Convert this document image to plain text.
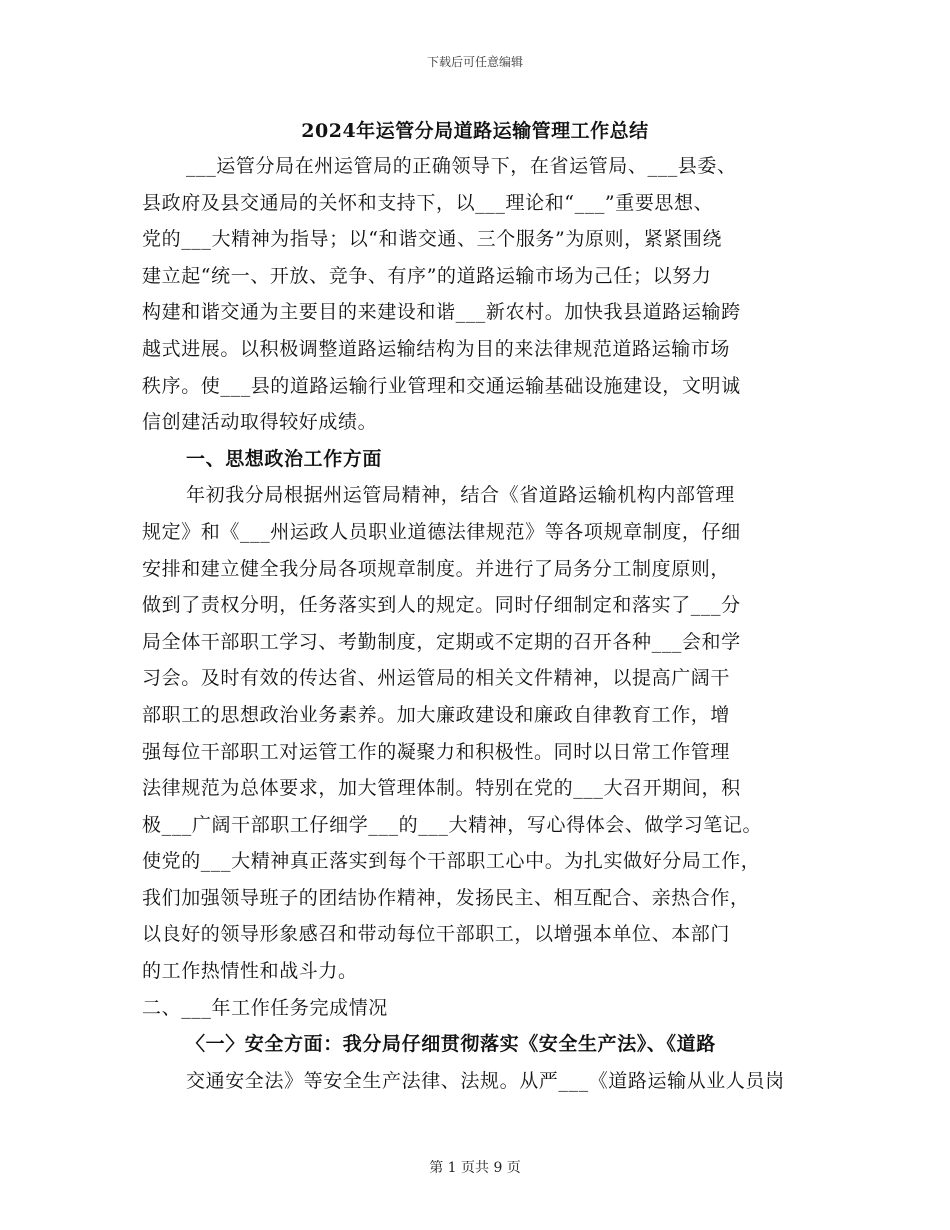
下载后可任意编辑
2024年运管分局道路运输管理工作总结
___运管分局在州运管局的正确领导下，在省运管局、___县委、
县政府及县交通局的关怀和支持下，以___理论和“___”重要思想、
党的___大精神为指导；以“和谐交通、三个服务”为原则，紧紧围绕
建立起“统一、开放、竞争、有序”的道路运输市场为己任；以努力
构建和谐交通为主要目的来建设和谐___新农村。加快我县道路运输跨
越式进展。以积极调整道路运输结构为目的来法律规范道路运输市场
秩序。使___县的道路运输行业管理和交通运输基础设施建设，文明诚
信创建活动取得较好成绩。
一、思想政治工作方面
年初我分局根据州运管局精神，结合《省道路运输机构内部管理
规定》和《___州运政人员职业道德法律规范》等各项规章制度，仔细
安排和建立健全我分局各项规章制度。并进行了局务分工制度原则，
做到了责权分明，任务落实到人的规定。同时仔细制定和落实了___分
局全体干部职工学习、考勤制度，定期或不定期的召开各种___会和学
习会。及时有效的传达省、州运管局的相关文件精神，以提高广阔干
部职工的思想政治业务素养。加大廉政建设和廉政自律教育工作，增
强每位干部职工对运管工作的凝聚力和积极性。同时以日常工作管理
法律规范为总体要求，加大管理体制。特别在党的___大召开期间，积
极___广阔干部职工仔细学___的___大精神，写心得体会、做学习笔记。
使党的___大精神真正落实到每个干部职工心中。为扎实做好分局工作，
我们加强领导班子的团结协作精神，发扬民主、相互配合、亲热合作，
以良好的领导形象感召和带动每位干部职工，以增强本单位、本部门
的工作热情性和战斗力。
二、___年工作任务完成情况
〈一〉安全方面：我分局仔细贯彻落实《安全生产法》、《道路
交通安全法》等安全生产法律、法规。从严___《道路运输从业人员岗
第 1 页共 9 页
